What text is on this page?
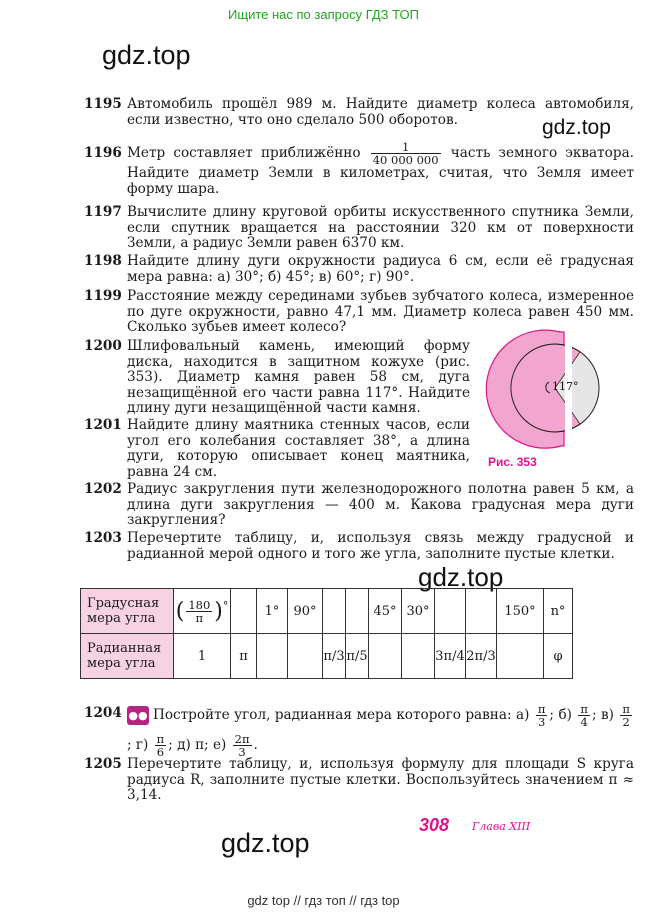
Ищите нас по запросу ГДЗ ТОП
gdz.top
gdz.top
gdz.top
gdz.top
1195 Автомобиль прошёл 989 м. Найдите диаметр колеса автомобиля, если известно, что оно сделало 500 оборотов.
1196 Метр составляет приближённо $\frac{1}{40 000 000}$ часть земного экватора. Найдите диаметр Земли в километрах, считая, что Земля имеет форму шара.
1197 Вычислите длину круговой орбиты искусственного спутника Земли, если спутник вращается на расстоянии 320 км от поверхности Земли, а радиус Земли равен 6370 км.
1198 Найдите длину дуги окружности радиуса 6 см, если её градусная мера равна: а) 30°; б) 45°; в) 60°; г) 90°.
1199 Расстояние между серединами зубьев зубчатого колеса, измеренное по дуге окружности, равно 47,1 мм. Диаметр колеса равен 450 мм. Сколько зубьев имеет колесо?
1200 Шлифовальный камень, имеющий форму диска, находится в защитном кожухе (рис. 353). Диаметр камня равен 58 см, дуга незащищённой его части равна 117°. Найдите длину дуги незащищённой части камня.
1201 Найдите длину маятника стенных часов, если угол его колебания составляет 38°, а длина дуги, которую описывает конец маятника, равна 24 см.
117°
Рис. 353
1202 Радиус закругления пути железнодорожного полотна равен 5 км, а длина дуги закругления — 400 м. Какова градусная мера дуги закругления?
1203 Перечертите таблицу, и, используя связь между градусной и радианной мерой одного и того же угла, заполните пустые клетки.
Градусная мера угла	( $\frac{180}{\pi} )^\circ$		1°	90°			45°	30°			150°	n°
Радианная мера угла	1	π			π/3	π/5			3π/4	2π/3		φ
1204 ●● Постройте угол, радианная мера которого равна: $а) \frac{\pi}{3}$ ; $б) \frac{\pi}{4}$ ; $в) \frac{\pi}{2}$
; $г) \frac{\pi}{6}$ ; д) π; $е) \frac{2\pi}{3}$ .
1205 Перечертите таблицу, и, используя формулу для площади S круга радиуса R, заполните пустые клетки. Воспользуйтесь значением π ≈ 3,14.
308 Глава XIII
gdz top // гдз топ // гдз top
